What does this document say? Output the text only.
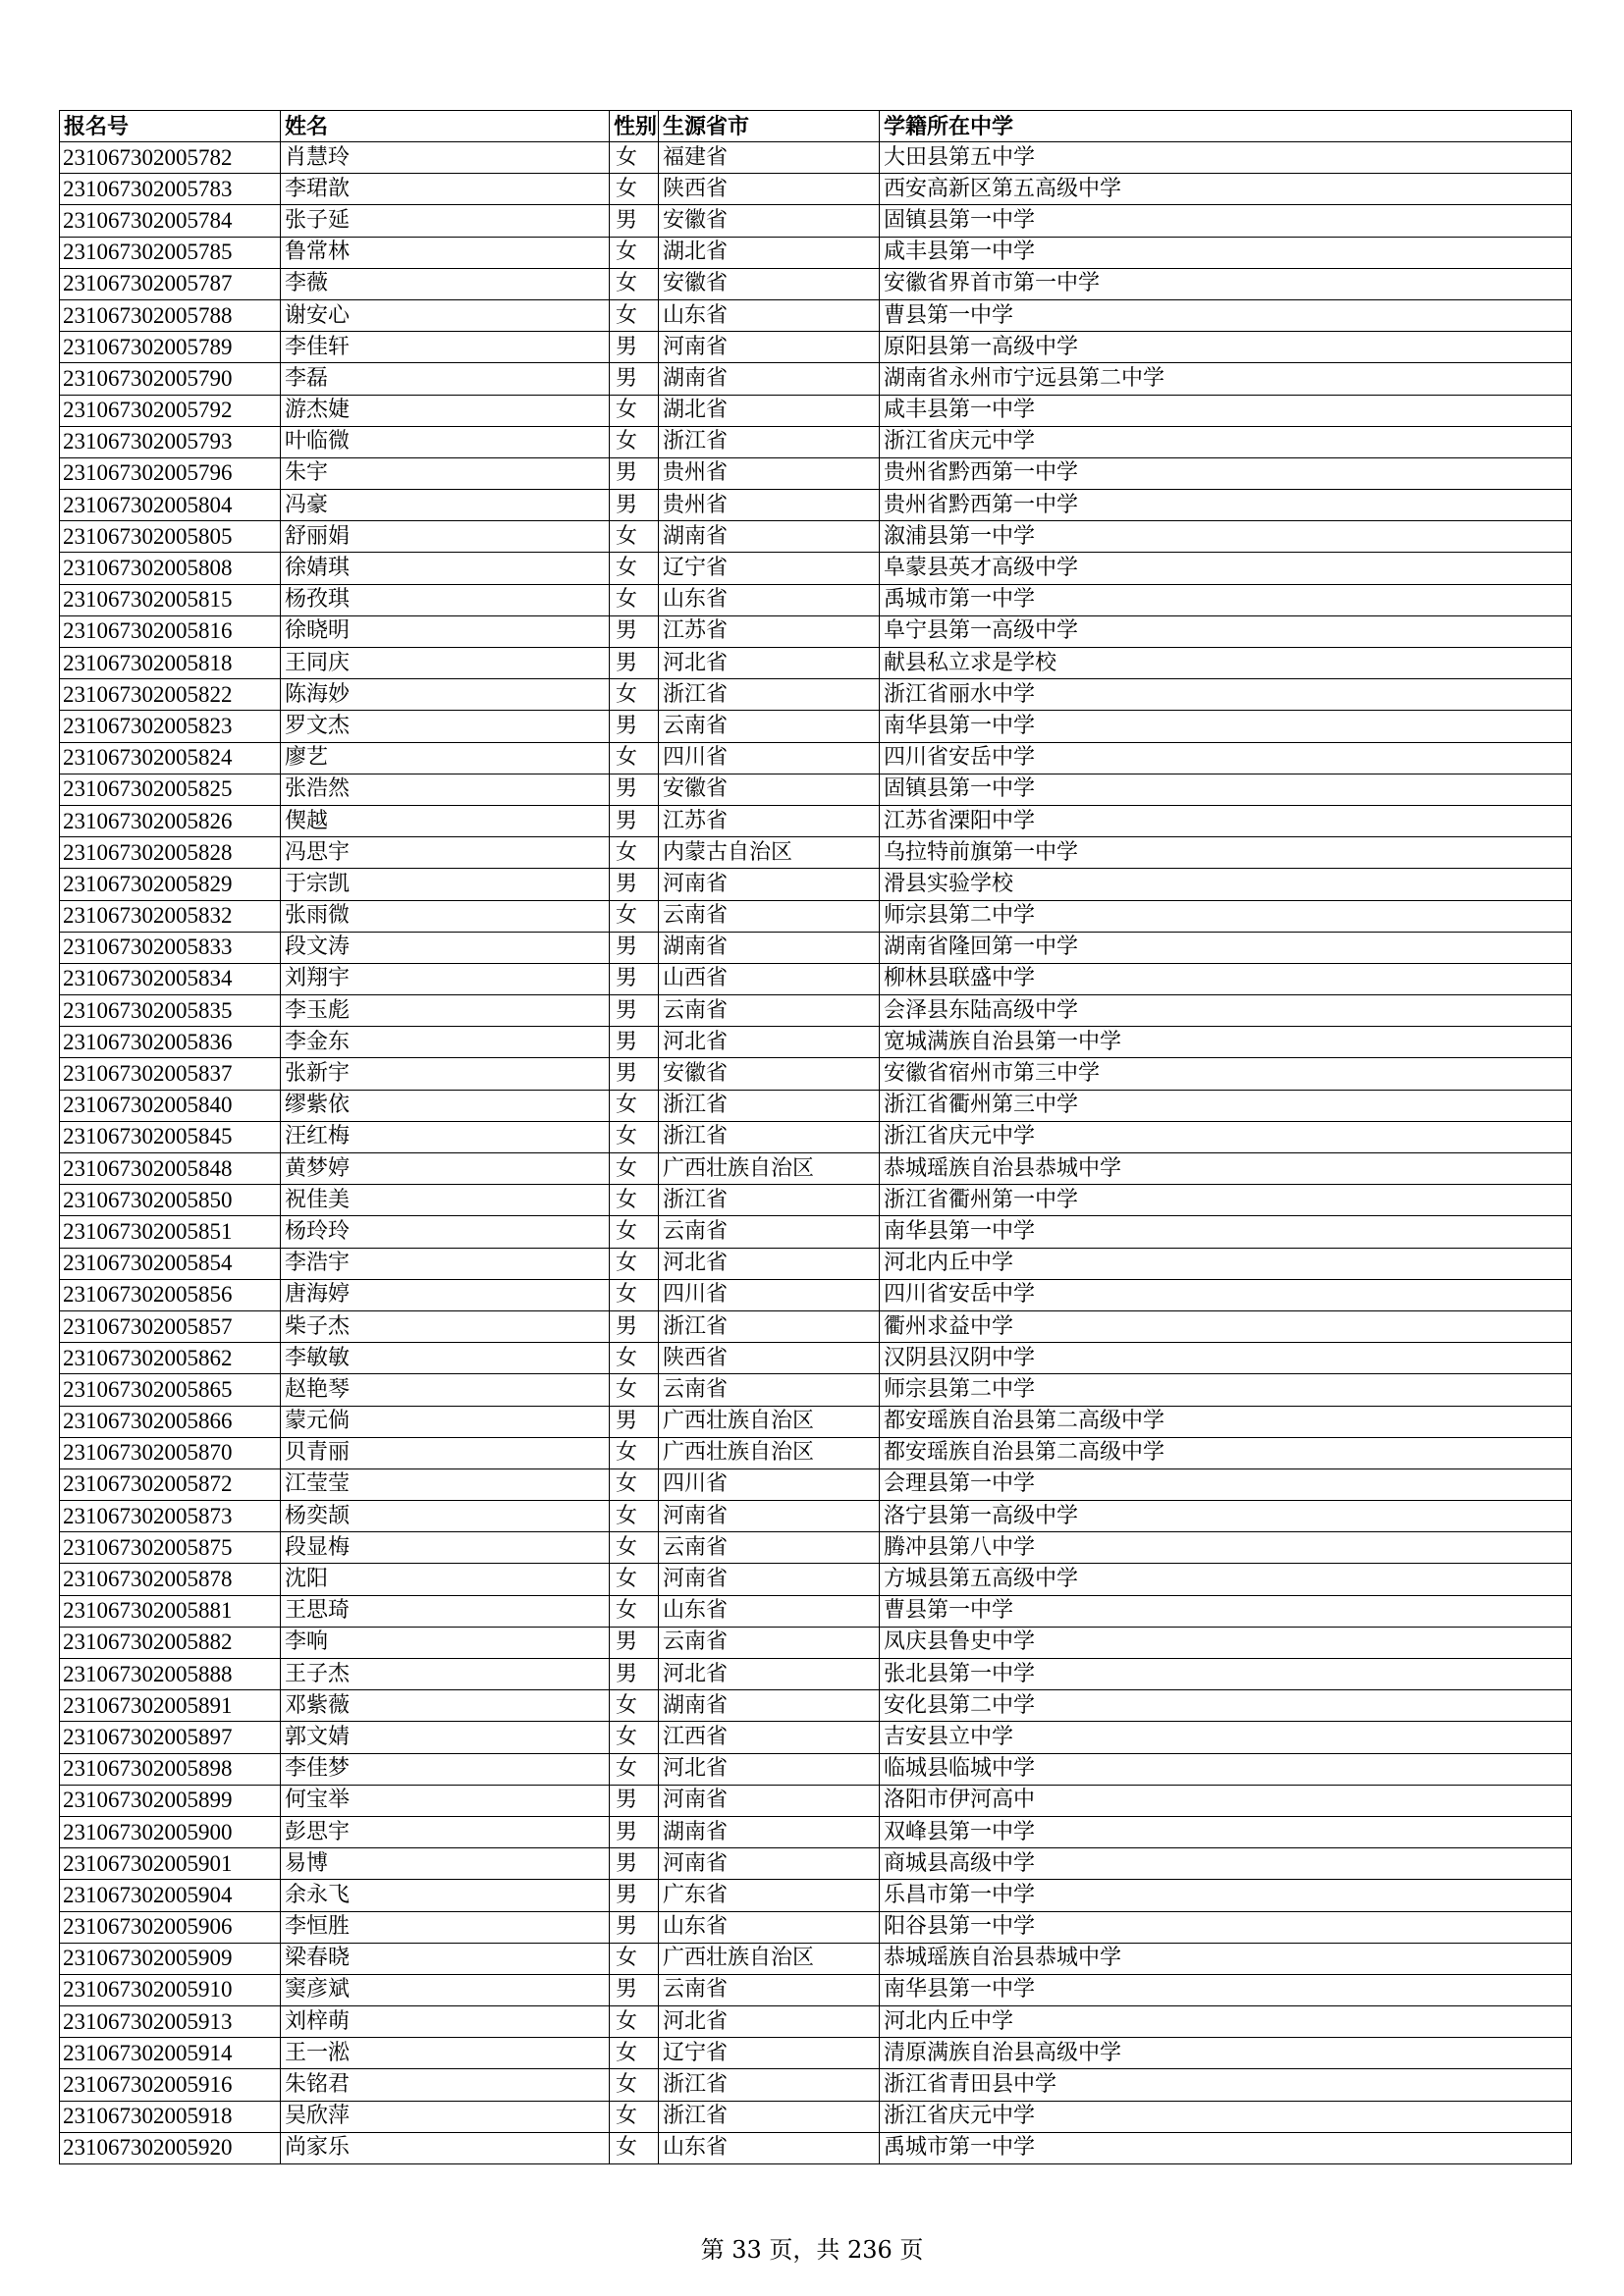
报名号	姓名	性别	生源省市	学籍所在中学
231067302005782	肖慧玲	女	福建省	大田县第五中学
231067302005783	李珺歆	女	陕西省	西安高新区第五高级中学
231067302005784	张子延	男	安徽省	固镇县第一中学
231067302005785	鲁常林	女	湖北省	咸丰县第一中学
231067302005787	李薇	女	安徽省	安徽省界首市第一中学
231067302005788	谢安心	女	山东省	曹县第一中学
231067302005789	李佳轩	男	河南省	原阳县第一高级中学
231067302005790	李磊	男	湖南省	湖南省永州市宁远县第二中学
231067302005792	游杰婕	女	湖北省	咸丰县第一中学
231067302005793	叶临微	女	浙江省	浙江省庆元中学
231067302005796	朱宇	男	贵州省	贵州省黔西第一中学
231067302005804	冯豪	男	贵州省	贵州省黔西第一中学
231067302005805	舒丽娟	女	湖南省	溆浦县第一中学
231067302005808	徐婧琪	女	辽宁省	阜蒙县英才高级中学
231067302005815	杨孜琪	女	山东省	禹城市第一中学
231067302005816	徐晓明	男	江苏省	阜宁县第一高级中学
231067302005818	王同庆	男	河北省	献县私立求是学校
231067302005822	陈海妙	女	浙江省	浙江省丽水中学
231067302005823	罗文杰	男	云南省	南华县第一中学
231067302005824	廖艺	女	四川省	四川省安岳中学
231067302005825	张浩然	男	安徽省	固镇县第一中学
231067302005826	偰越	男	江苏省	江苏省溧阳中学
231067302005828	冯思宇	女	内蒙古自治区	乌拉特前旗第一中学
231067302005829	于宗凯	男	河南省	滑县实验学校
231067302005832	张雨微	女	云南省	师宗县第二中学
231067302005833	段文涛	男	湖南省	湖南省隆回第一中学
231067302005834	刘翔宇	男	山西省	柳林县联盛中学
231067302005835	李玉彪	男	云南省	会泽县东陆高级中学
231067302005836	李金东	男	河北省	宽城满族自治县第一中学
231067302005837	张新宇	男	安徽省	安徽省宿州市第三中学
231067302005840	缪紫依	女	浙江省	浙江省衢州第三中学
231067302005845	汪红梅	女	浙江省	浙江省庆元中学
231067302005848	黄梦婷	女	广西壮族自治区	恭城瑶族自治县恭城中学
231067302005850	祝佳美	女	浙江省	浙江省衢州第一中学
231067302005851	杨玲玲	女	云南省	南华县第一中学
231067302005854	李浩宇	女	河北省	河北内丘中学
231067302005856	唐海婷	女	四川省	四川省安岳中学
231067302005857	柴子杰	男	浙江省	衢州求益中学
231067302005862	李敏敏	女	陕西省	汉阴县汉阴中学
231067302005865	赵艳琴	女	云南省	师宗县第二中学
231067302005866	蒙元倘	男	广西壮族自治区	都安瑶族自治县第二高级中学
231067302005870	贝青丽	女	广西壮族自治区	都安瑶族自治县第二高级中学
231067302005872	江莹莹	女	四川省	会理县第一中学
231067302005873	杨奕颉	女	河南省	洛宁县第一高级中学
231067302005875	段显梅	女	云南省	腾冲县第八中学
231067302005878	沈阳	女	河南省	方城县第五高级中学
231067302005881	王思琦	女	山东省	曹县第一中学
231067302005882	李响	男	云南省	凤庆县鲁史中学
231067302005888	王子杰	男	河北省	张北县第一中学
231067302005891	邓紫薇	女	湖南省	安化县第二中学
231067302005897	郭文婧	女	江西省	吉安县立中学
231067302005898	李佳梦	女	河北省	临城县临城中学
231067302005899	何宝举	男	河南省	洛阳市伊河高中
231067302005900	彭思宇	男	湖南省	双峰县第一中学
231067302005901	易博	男	河南省	商城县高级中学
231067302005904	余永飞	男	广东省	乐昌市第一中学
231067302005906	李恒胜	男	山东省	阳谷县第一中学
231067302005909	梁春晓	女	广西壮族自治区	恭城瑶族自治县恭城中学
231067302005910	窦彦斌	男	云南省	南华县第一中学
231067302005913	刘梓萌	女	河北省	河北内丘中学
231067302005914	王一淞	女	辽宁省	清原满族自治县高级中学
231067302005916	朱铭君	女	浙江省	浙江省青田县中学
231067302005918	吴欣萍	女	浙江省	浙江省庆元中学
231067302005920	尚家乐	女	山东省	禹城市第一中学
第 33 页，共 236 页
